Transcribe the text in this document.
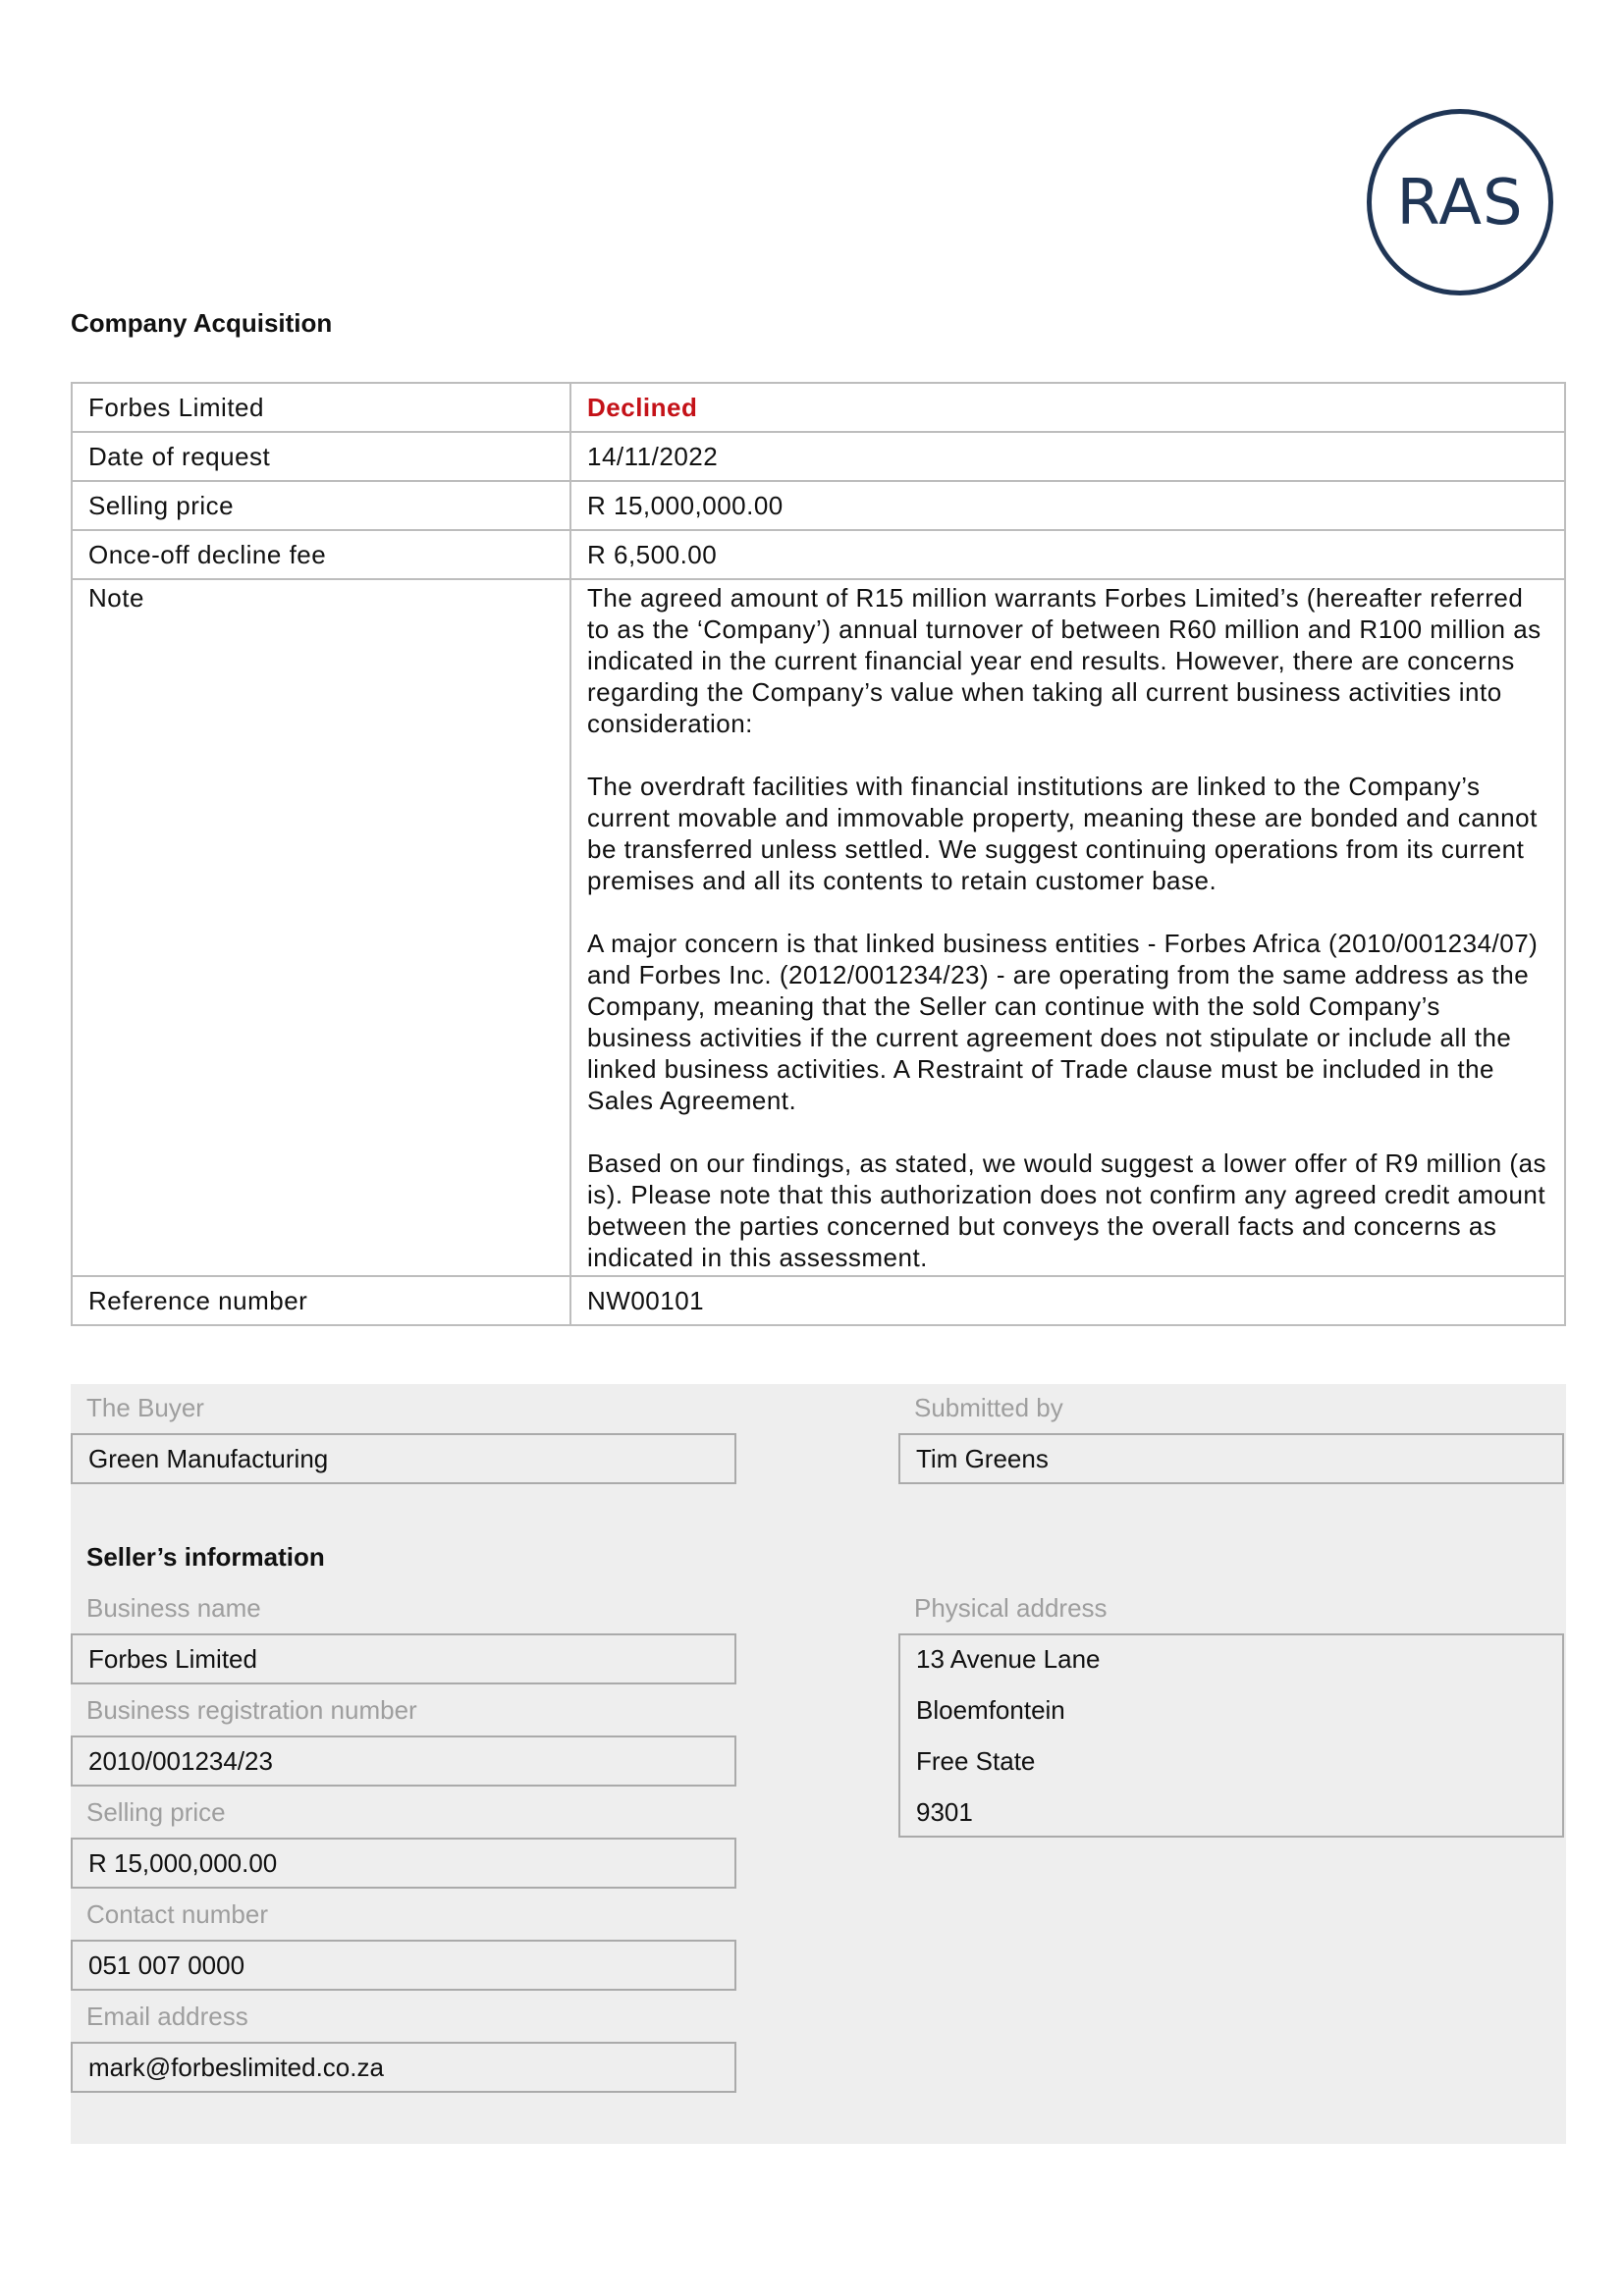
RAS
Company Acquisition
Forbes Limited	Declined
Date of request	14/11/2022
Selling price	R 15,000,000.00
Once-off decline fee	R 6,500.00
Note	The agreed amount of R15 million warrants Forbes Limited’s (hereafter referred to as the ‘Company’) annual turnover of between R60 million and R100 million as indicated in the current financial year end results. However, there are concerns regarding the Company’s value when taking all current business activities into consideration:

The overdraft facilities with financial institutions are linked to the Company’s current movable and immovable property, meaning these are bonded and cannot be transferred unless settled. We suggest continuing operations from its current premises and all its contents to retain customer base.

A major concern is that linked business entities - Forbes Africa (2010/001234/07) and Forbes Inc. (2012/001234/23) - are operating from the same address as the Company, meaning that the Seller can continue with the sold Company’s business activities if the current agreement does not stipulate or include all the linked business activities. A Restraint of Trade clause must be included in the Sales Agreement.

Based on our findings, as stated, we would suggest a lower offer of R9 million (as is). Please note that this authorization does not confirm any agreed credit amount between the parties concerned but conveys the overall facts and concerns as indicated in this assessment.

Reference number	NW00101
The Buyer
Green Manufacturing
Submitted by
Tim Greens
Seller’s information
Business name
Forbes Limited
Business registration number
2010/001234/23
Selling price
R 15,000,000.00
Contact number
051 007 0000
Email address
mark@forbeslimited.co.za
Physical address
13 Avenue Lane
Bloemfontein
Free State
9301
